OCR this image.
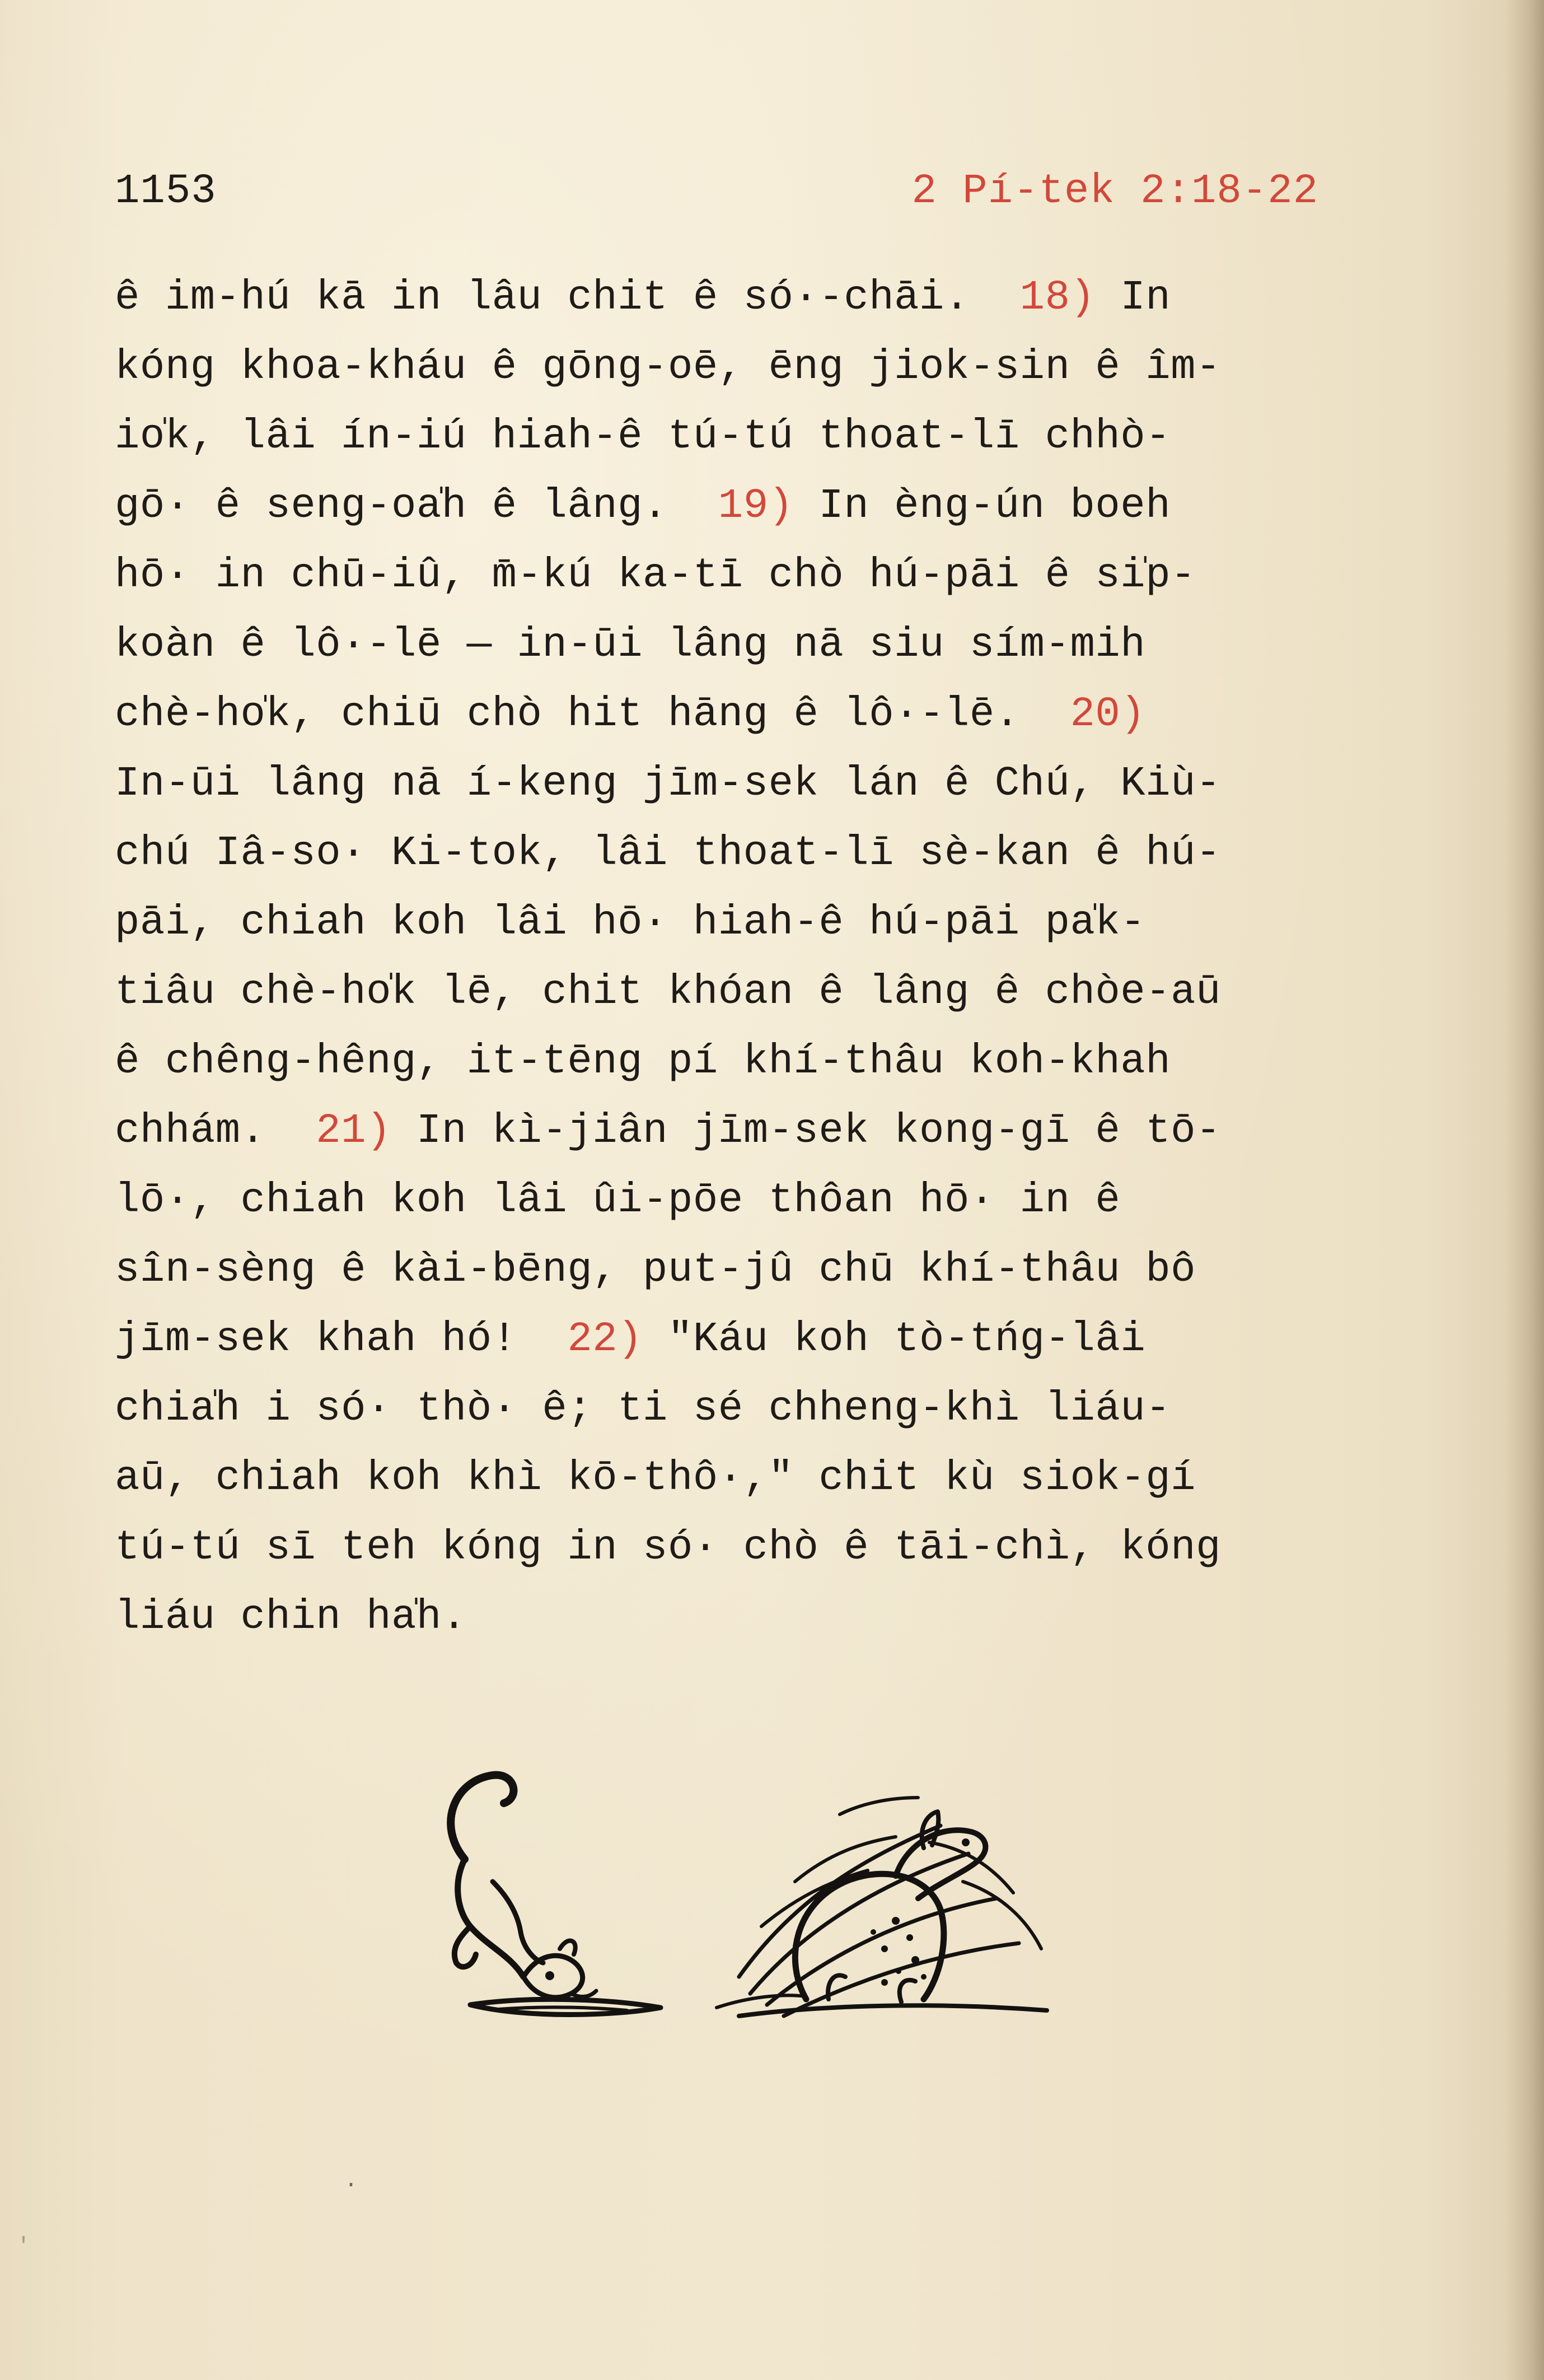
1153	2 Pí-tek 2:18-22
ê im-hú kā in lâu chit ê só·-chāi.  18) In
kóng khoa-kháu ê gōng-oē, ēng jiok-sin ê îm-
io̍k, lâi ín-iú hiah-ê tú-tú thoat-lī chhò-
gō· ê seng-oa̍h ê lâng.  19) In èng-ún boeh
hō· in chū-iû, m̄-kú ka-tī chò hú-pāi ê si̍p-
koàn ê lô·-lē — in-ūi lâng nā siu sím-mih
chè-ho̍k, chiū chò hit hāng ê lô·-lē.  20)
In-ūi lâng nā í-keng jīm-sek lán ê Chú, Kiù-
chú Iâ-so· Ki-tok, lâi thoat-lī sè-kan ê hú-
pāi, chiah koh lâi hō· hiah-ê hú-pāi pa̍k-
tiâu chè-ho̍k lē, chit khóan ê lâng ê chòe-aū
ê chêng-hêng, it-tēng pí khí-thâu koh-khah
chhám.  21) In kì-jiân jīm-sek kong-gī ê tō-
lō·, chiah koh lâi ûi-pōe thôan hō· in ê
sîn-sèng ê kài-bēng, put-jû chū khí-thâu bô
jīm-sek khah hó!  22) "Káu koh tò-tńg-lâi
chia̍h i só· thò· ê; ti sé chheng-khì liáu-
aū, chiah koh khì kō-thô·," chit kù siok-gí
tú-tú sī teh kóng in só· chò ê tāi-chì, kóng
liáu chin ha̍h.
·
'
